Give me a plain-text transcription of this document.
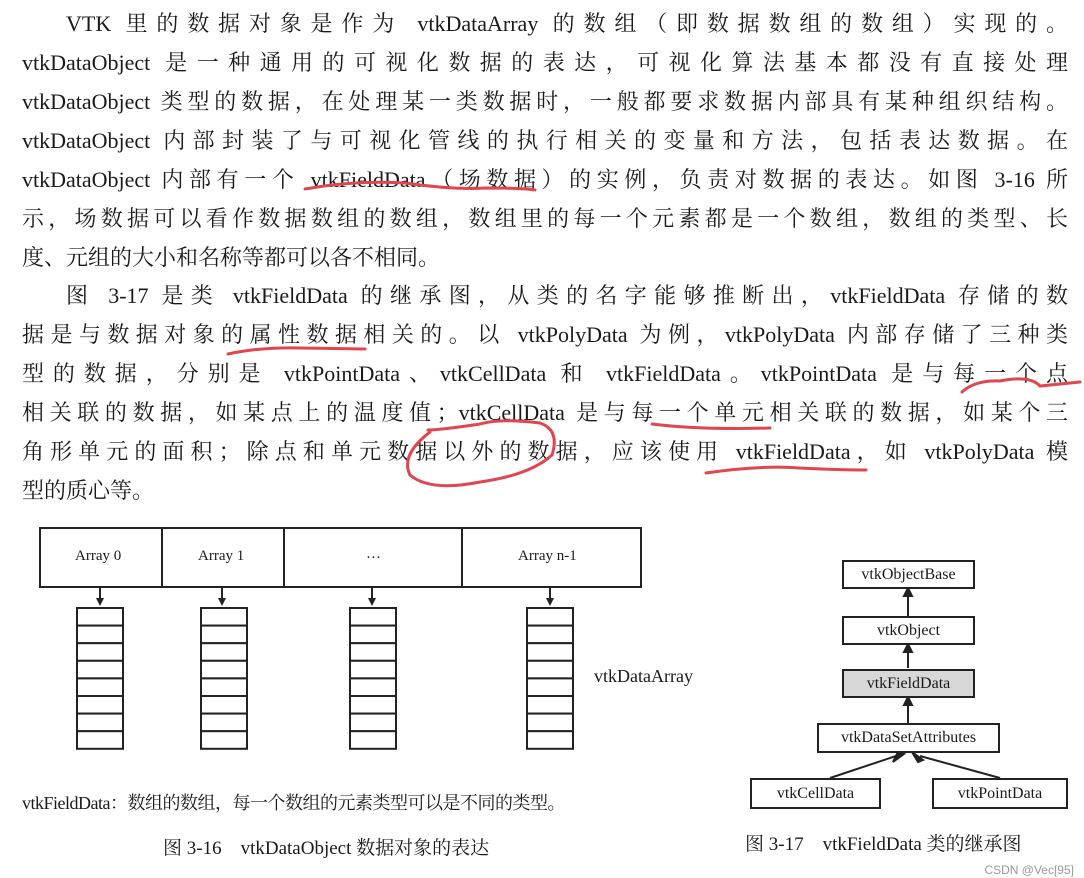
VTK 里的数据对象是作为 vtkDataArray 的数组（即数据数组的数组）实现的。
vtkDataObject 是一种通用的可视化数据的表达，可视化算法基本都没有直接处理
vtkDataObject 类型的数据，在处理某一类数据时，一般都要求数据内部具有某种组织结构。
vtkDataObject 内部封装了与可视化管线的执行相关的变量和方法，包括表达数据。在
vtkDataObject 内部有一个 vtkFieldData（场数据）的实例，负责对数据的表达。如图 3-16 所
示，场数据可以看作数据数组的数组，数组里的每一个元素都是一个数组，数组的类型、长
度、元组的大小和名称等都可以各不相同。
图 3-17 是类 vtkFieldData 的继承图，从类的名字能够推断出，vtkFieldData 存储的数
据是与数据对象的属性数据相关的。以 vtkPolyData 为例，vtkPolyData 内部存储了三种类
型的数据，分别是 vtkPointData、vtkCellData 和 vtkFieldData。vtkPointData 是与每一个点
相关联的数据，如某点上的温度值；vtkCellData 是与每一个单元相关联的数据，如某个三
角形单元的面积；除点和单元数据以外的数据，应该使用 vtkFieldData，如 vtkPolyData 模
型的质心等。
Array 0	Array 1	…	Array n-1
vtkDataArray
vtkFieldData：数组的数组，每一个数组的元素类型可以是不同的类型。
图 3-16　vtkDataObject 数据对象的表达
vtkObjectBase
vtkObject
vtkFieldData
vtkDataSetAttributes
vtkCellData	vtkPointData
图 3-17　vtkFieldData 类的继承图
CSDN @Vec[95]
